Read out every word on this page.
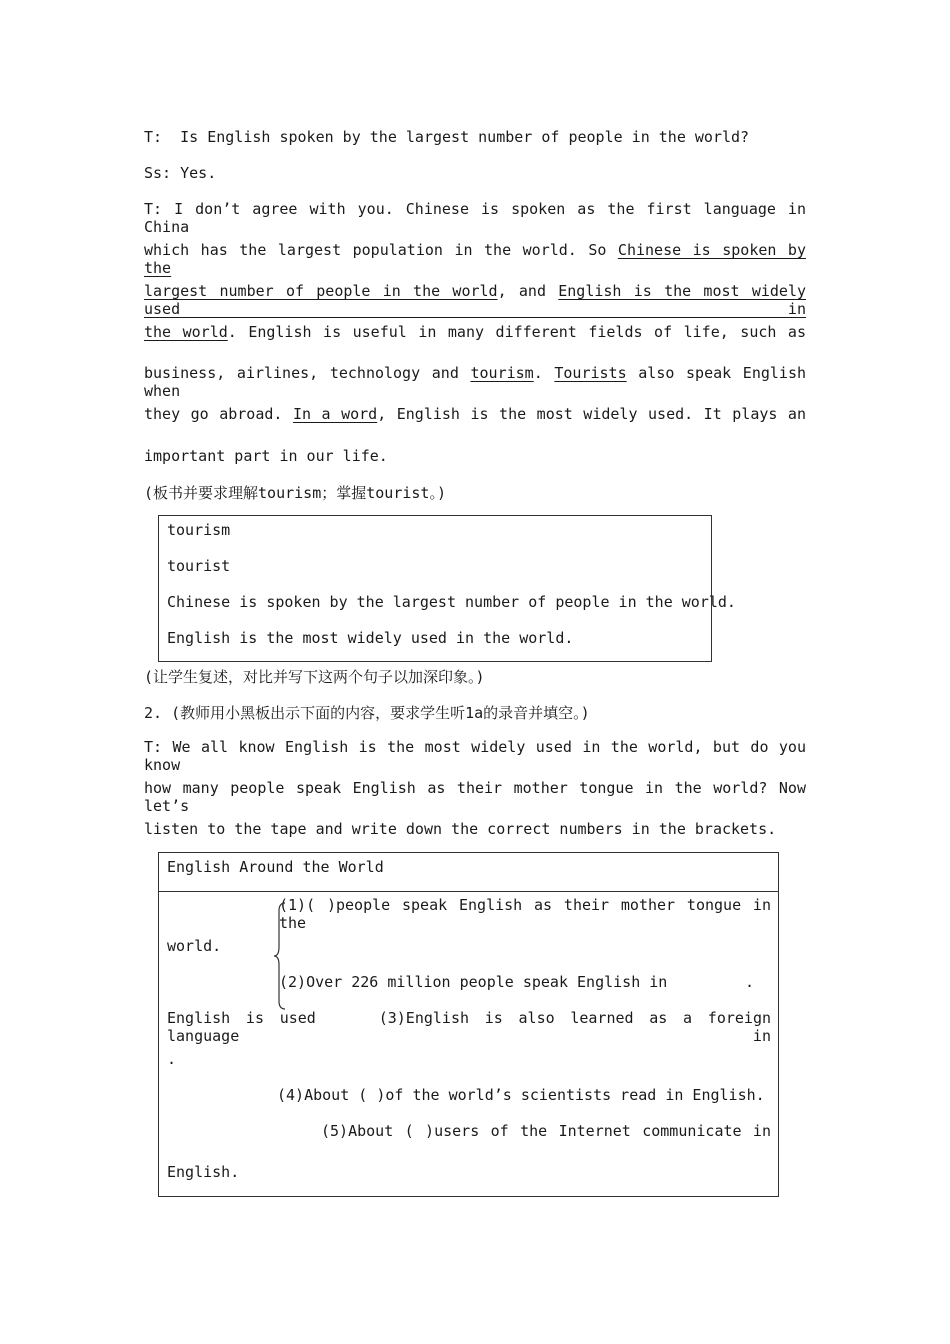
T: Is English spoken by the largest number of people in the world?
Ss: Yes.
T: I don’t agree with you. Chinese is spoken as the first language in China
which has the largest population in the world. So Chinese is spoken by the
largest number of people in the world, and English is the most widely used in
the world. English is useful in many different fields of life, such as
business, airlines, technology and tourism. Tourists also speak English when
they go abroad. In a word, English is the most widely used. It plays an
important part in our life.
(板书并要求理解tourism；掌握tourist。)
tourism
tourist
Chinese is spoken by the largest number of people in the world.
English is the most widely used in the world.
(让学生复述，对比并写下这两个句子以加深印象。)
2. (教师用小黑板出示下面的内容，要求学生听1a的录音并填空。)
T: We all know English is the most widely used in the world, but do you know
how many people speak English as their mother tongue in the world? Now let’s
listen to the tape and write down the correct numbers in the brackets.
English Around the World
(1)( )people speak English as their mother tongue in the
world.
(2)Over 226 million people speak English in	.
English is used	(3)English is also learned as a foreign language in
.
(4)About ( )of the world’s scientists read in English.
(5)About ( )users of the Internet communicate in
English.
